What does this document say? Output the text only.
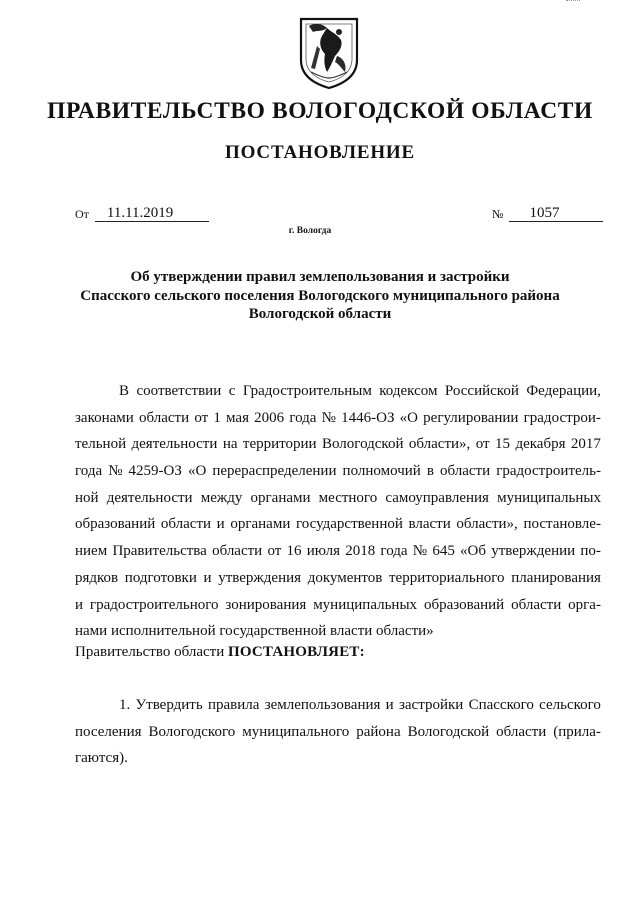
ПРАВИТЕЛЬСТВО ВОЛОГОДСКОЙ ОБЛАСТИ
ПОСТАНОВЛЕНИЕ
От	11.11.2019	№	1057
г. Вологда
Об утверждении правил землепользования и застройки
Спасского сельского поселения Вологодского муниципального района
Вологодской области
В соответствии с Градостроительным кодексом Российской Федерации,
законами области от 1 мая 2006 года № 1446-ОЗ «О регулировании градострои-
тельной деятельности на территории Вологодской области», от 15 декабря 2017
года № 4259-ОЗ «О перераспределении полномочий в области градостроитель-
ной деятельности между органами местного самоуправления муниципальных
образований области и органами государственной власти области», постановле-
нием Правительства области от 16 июля 2018 года № 645 «Об утверждении по-
рядков подготовки и утверждения документов территориального планирования
и градостроительного зонирования муниципальных образований области орга-
нами исполнительной государственной власти области»
Правительство области ПОСТАНОВЛЯЕТ:
1. Утвердить правила землепользования и застройки Спасского сельского
поселения Вологодского муниципального района Вологодской области (прила-
гаются).
